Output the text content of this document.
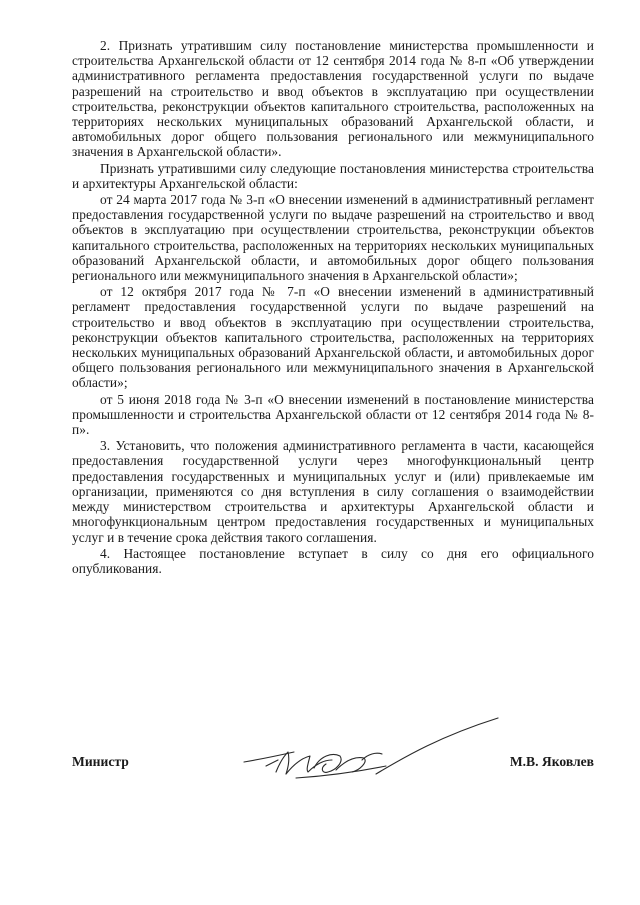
2. Признать утратившим силу постановление министерства промышленности и строительства Архангельской области от 12 сентября 2014 года № 8-п «Об утверждении административного регламента предоставления государственной услуги по выдаче разрешений на строительство и ввод объектов в эксплуатацию при осуществлении строительства, реконструкции объектов капитального строительства, расположенных на территориях нескольких муниципальных образований Архангельской области, и автомобильных дорог общего пользования регионального или межмуниципального значения в Архангельской области».

Признать утратившими силу следующие постановления министерства строительства и архитектуры Архангельской области:

от 24 марта 2017 года № 3-п «О внесении изменений в административный регламент предоставления государственной услуги по выдаче разрешений на строительство и ввод объектов в эксплуатацию при осуществлении строительства, реконструкции объектов капитального строительства, расположенных на территориях нескольких муниципальных образований Архангельской области, и автомобильных дорог общего пользования регионального или межмуниципального значения в Архангельской области»;

от 12 октября 2017 года № 7-п «О внесении изменений в административный регламент предоставления государственной услуги по выдаче разрешений на строительство и ввод объектов в эксплуатацию при осуществлении строительства, реконструкции объектов капитального строительства, расположенных на территориях нескольких муниципальных образований Архангельской области, и автомобильных дорог общего пользования регионального или межмуниципального значения в Архангельской области»;

от 5 июня 2018 года № 3-п «О внесении изменений в постановление министерства промышленности и строительства Архангельской области от 12 сентября 2014 года № 8-п».

3. Установить, что положения административного регламента в части, касающейся предоставления государственной услуги через многофункциональный центр предоставления государственных и муниципальных услуг и (или) привлекаемые им организации, применяются со дня вступления в силу соглашения о взаимодействии между министерством строительства и архитектуры Архангельской области и многофункциональным центром предоставления государственных и муниципальных услуг и в течение срока действия такого соглашения.

4. Настоящее постановление вступает в силу со дня его официального опубликования.

Министр	М.В. Яковлев
